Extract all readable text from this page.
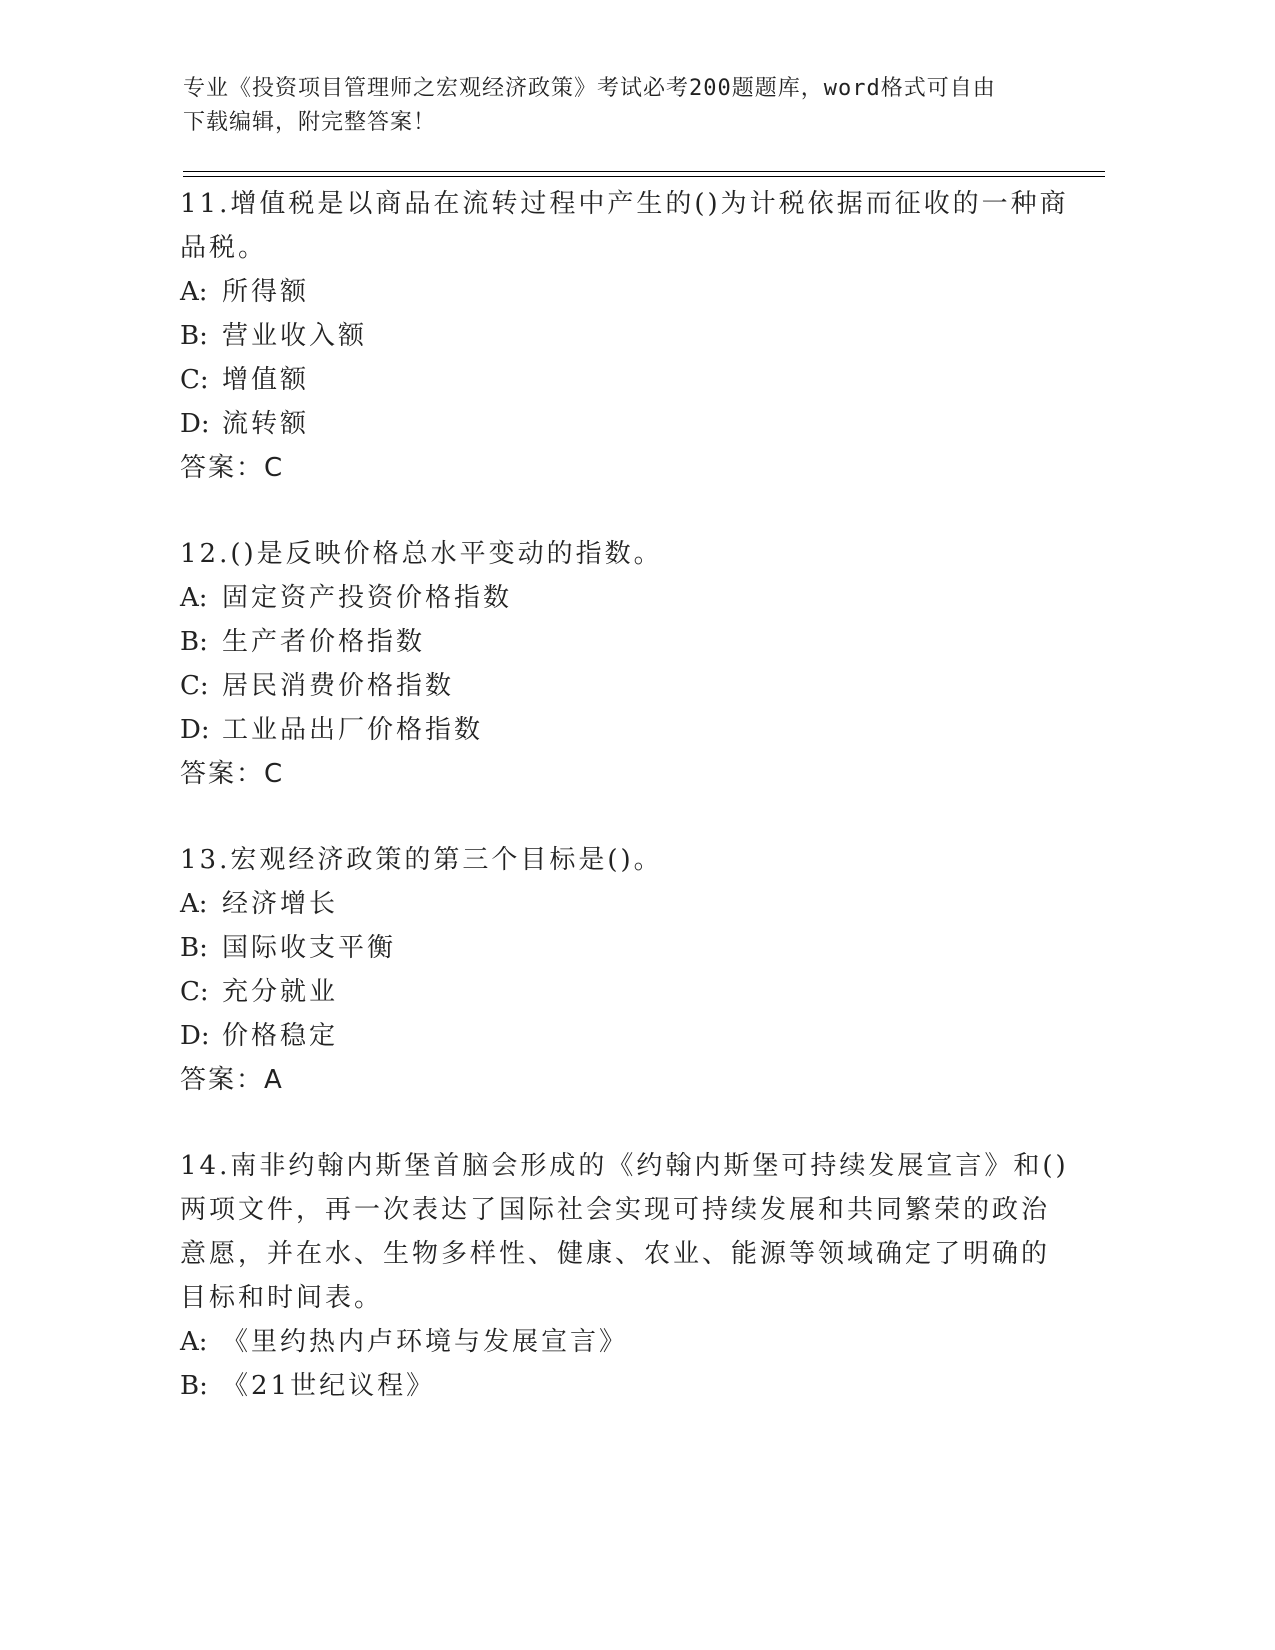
专业《投资项目管理师之宏观经济政策》考试必考200题题库，word格式可自由
下载编辑，附完整答案！
11.增值税是以商品在流转过程中产生的()为计税依据而征收的一种商
品税。
A: 所得额
B: 营业收入额
C: 增值额
D: 流转额
答案：C
12.()是反映价格总水平变动的指数。
A: 固定资产投资价格指数
B: 生产者价格指数
C: 居民消费价格指数
D: 工业品出厂价格指数
答案：C
13.宏观经济政策的第三个目标是()。
A: 经济增长
B: 国际收支平衡
C: 充分就业
D: 价格稳定
答案：A
14.南非约翰内斯堡首脑会形成的《约翰内斯堡可持续发展宣言》和()
两项文件，再一次表达了国际社会实现可持续发展和共同繁荣的政治
意愿，并在水、生物多样性、健康、农业、能源等领域确定了明确的
目标和时间表。
A: 《里约热内卢环境与发展宣言》
B: 《21世纪议程》
